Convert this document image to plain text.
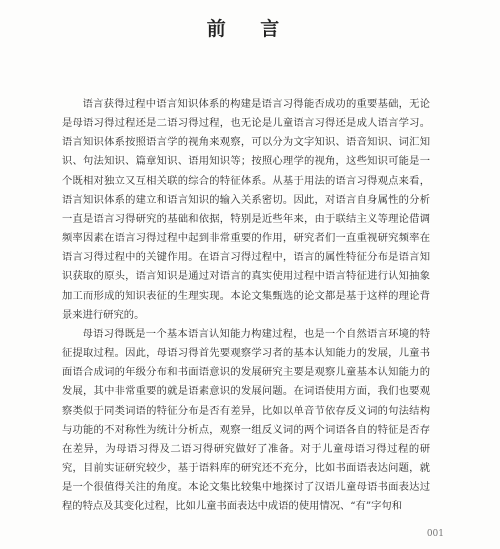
前 言

语言获得过程中语言知识体系的构建是语言习得能否成功的重要基础，无论是母语习得过程还是二语习得过程，也无论是儿童语言习得还是成人语言学习。语言知识体系按照语言学的视角来观察，可以分为文字知识、语音知识、词汇知识、句法知识、篇章知识、语用知识等；按照心理学的视角，这些知识可能是一个既相对独立又互相关联的综合的特征体系。从基于用法的语言习得观点来看，语言知识体系的建立和语言知识的输入关系密切。因此，对语言自身属性的分析一直是语言习得研究的基础和依据，特别是近些年来，由于联结主义等理论借调频率因素在语言习得过程中起到非常重要的作用，研究者们一直重视研究频率在语言习得过程中的关键作用。在语言习得过程中，语言的属性特征分布是语言知识获取的原头，语言知识是通过对语言的真实使用过程中语言特征进行认知抽象加工而形成的知识表征的生理实现。本论文集甄选的论文都是基于这样的理论背景来进行研究的。

母语习得既是一个基本语言认知能力构建过程，也是一个自然语言环境的特征提取过程。因此，母语习得首先要观察学习者的基本认知能力的发展，儿童书面语合成词的年级分布和书面语意识的发展研究主要是观察儿童基本认知能力的发展，其中非常重要的就是语素意识的发展问题。在词语使用方面，我们也要观察类似于同类词语的特征分布是否有差异，比如以单音节依存反义词的句法结构与功能的不对称性为统计分析点，观察一组反义词的两个词语各自的特征是否存在差异，为母语习得及二语习得研究做好了准备。对于儿童母语习得过程的研究，目前实证研究较少，基于语料库的研究还不充分，比如书面语表达问题，就是一个很值得关注的角度。本论文集比较集中地探讨了汉语儿童母语书面表达过程的特点及其变化过程，比如儿童书面表达中成语的使用情况、“有”字句和

001
